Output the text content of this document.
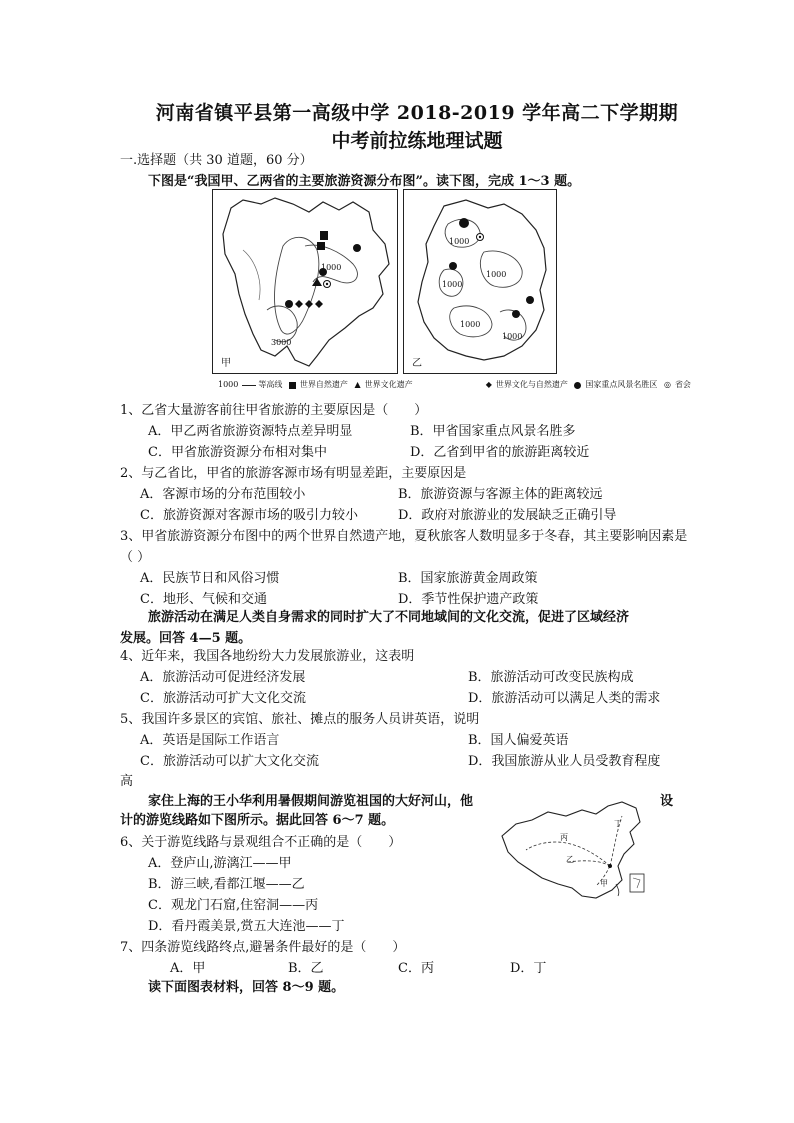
河南省镇平县第一高级中学 2018-2019 学年高二下学期期
中考前拉练地理试题
一.选择题（共 30 道题，60 分）
下图是“我国甲、乙两省的主要旅游资源分布图”。读下图，完成 1～3 题。
1000
3000
甲
1000
1000
1000
1000
1000
乙
1000	等高线 世界自然遗产 ▲ 世界文化遗产	◆ 世界文化与自然遗产 国家重点风景名胜区 ◎ 省会
1、乙省大量游客前往甲省旅游的主要原因是（　　）
A．甲乙两省旅游资源特点差异明显	B．甲省国家重点风景名胜多
C．甲省旅游资源分布相对集中	D．乙省到甲省的旅游距离较近
2、与乙省比，甲省的旅游客源市场有明显差距，主要原因是
A．客源市场的分布范围较小	B．旅游资源与客源主体的距离较远
C．旅游资源对客源市场的吸引力较小	D．政府对旅游业的发展缺乏正确引导
3、甲省旅游资源分布图中的两个世界自然遗产地，夏秋旅客人数明显多于冬春，其主要影响因素是
（ ）
A．民族节日和风俗习惯	B．国家旅游黄金周政策
C．地形、气候和交通	D．季节性保护遗产政策
旅游活动在满足人类自身需求的同时扩大了不同地域间的文化交流，促进了区域经济
发展。回答 4—5 题。
4、近年来，我国各地纷纷大力发展旅游业，这表明
A．旅游活动可促进经济发展	B．旅游活动可改变民族构成
C．旅游活动可扩大文化交流	D．旅游活动可以满足人类的需求
5、我国许多景区的宾馆、旅社、摊点的服务人员讲英语，说明
A．英语是国际工作语言	B．国人偏爱英语
C．旅游活动可以扩大文化交流	D．我国旅游从业人员受教育程度
高
家住上海的王小华利用暑假期间游览祖国的大好河山，他	设
计的游览线路如下图所示。据此回答 6～7 题。
丙
丁
乙
甲
6、关于游览线路与景观组合不正确的是（　　）
A．登庐山,游漓江——甲
B．游三峡,看都江堰——乙
C．观龙门石窟,住窑洞——丙
D．看丹霞美景,赏五大连池——丁
7、四条游览线路终点,避暑条件最好的是（　　）
A．甲	B．乙	C．丙	D．丁
读下面图表材料，回答 8～9 题。
